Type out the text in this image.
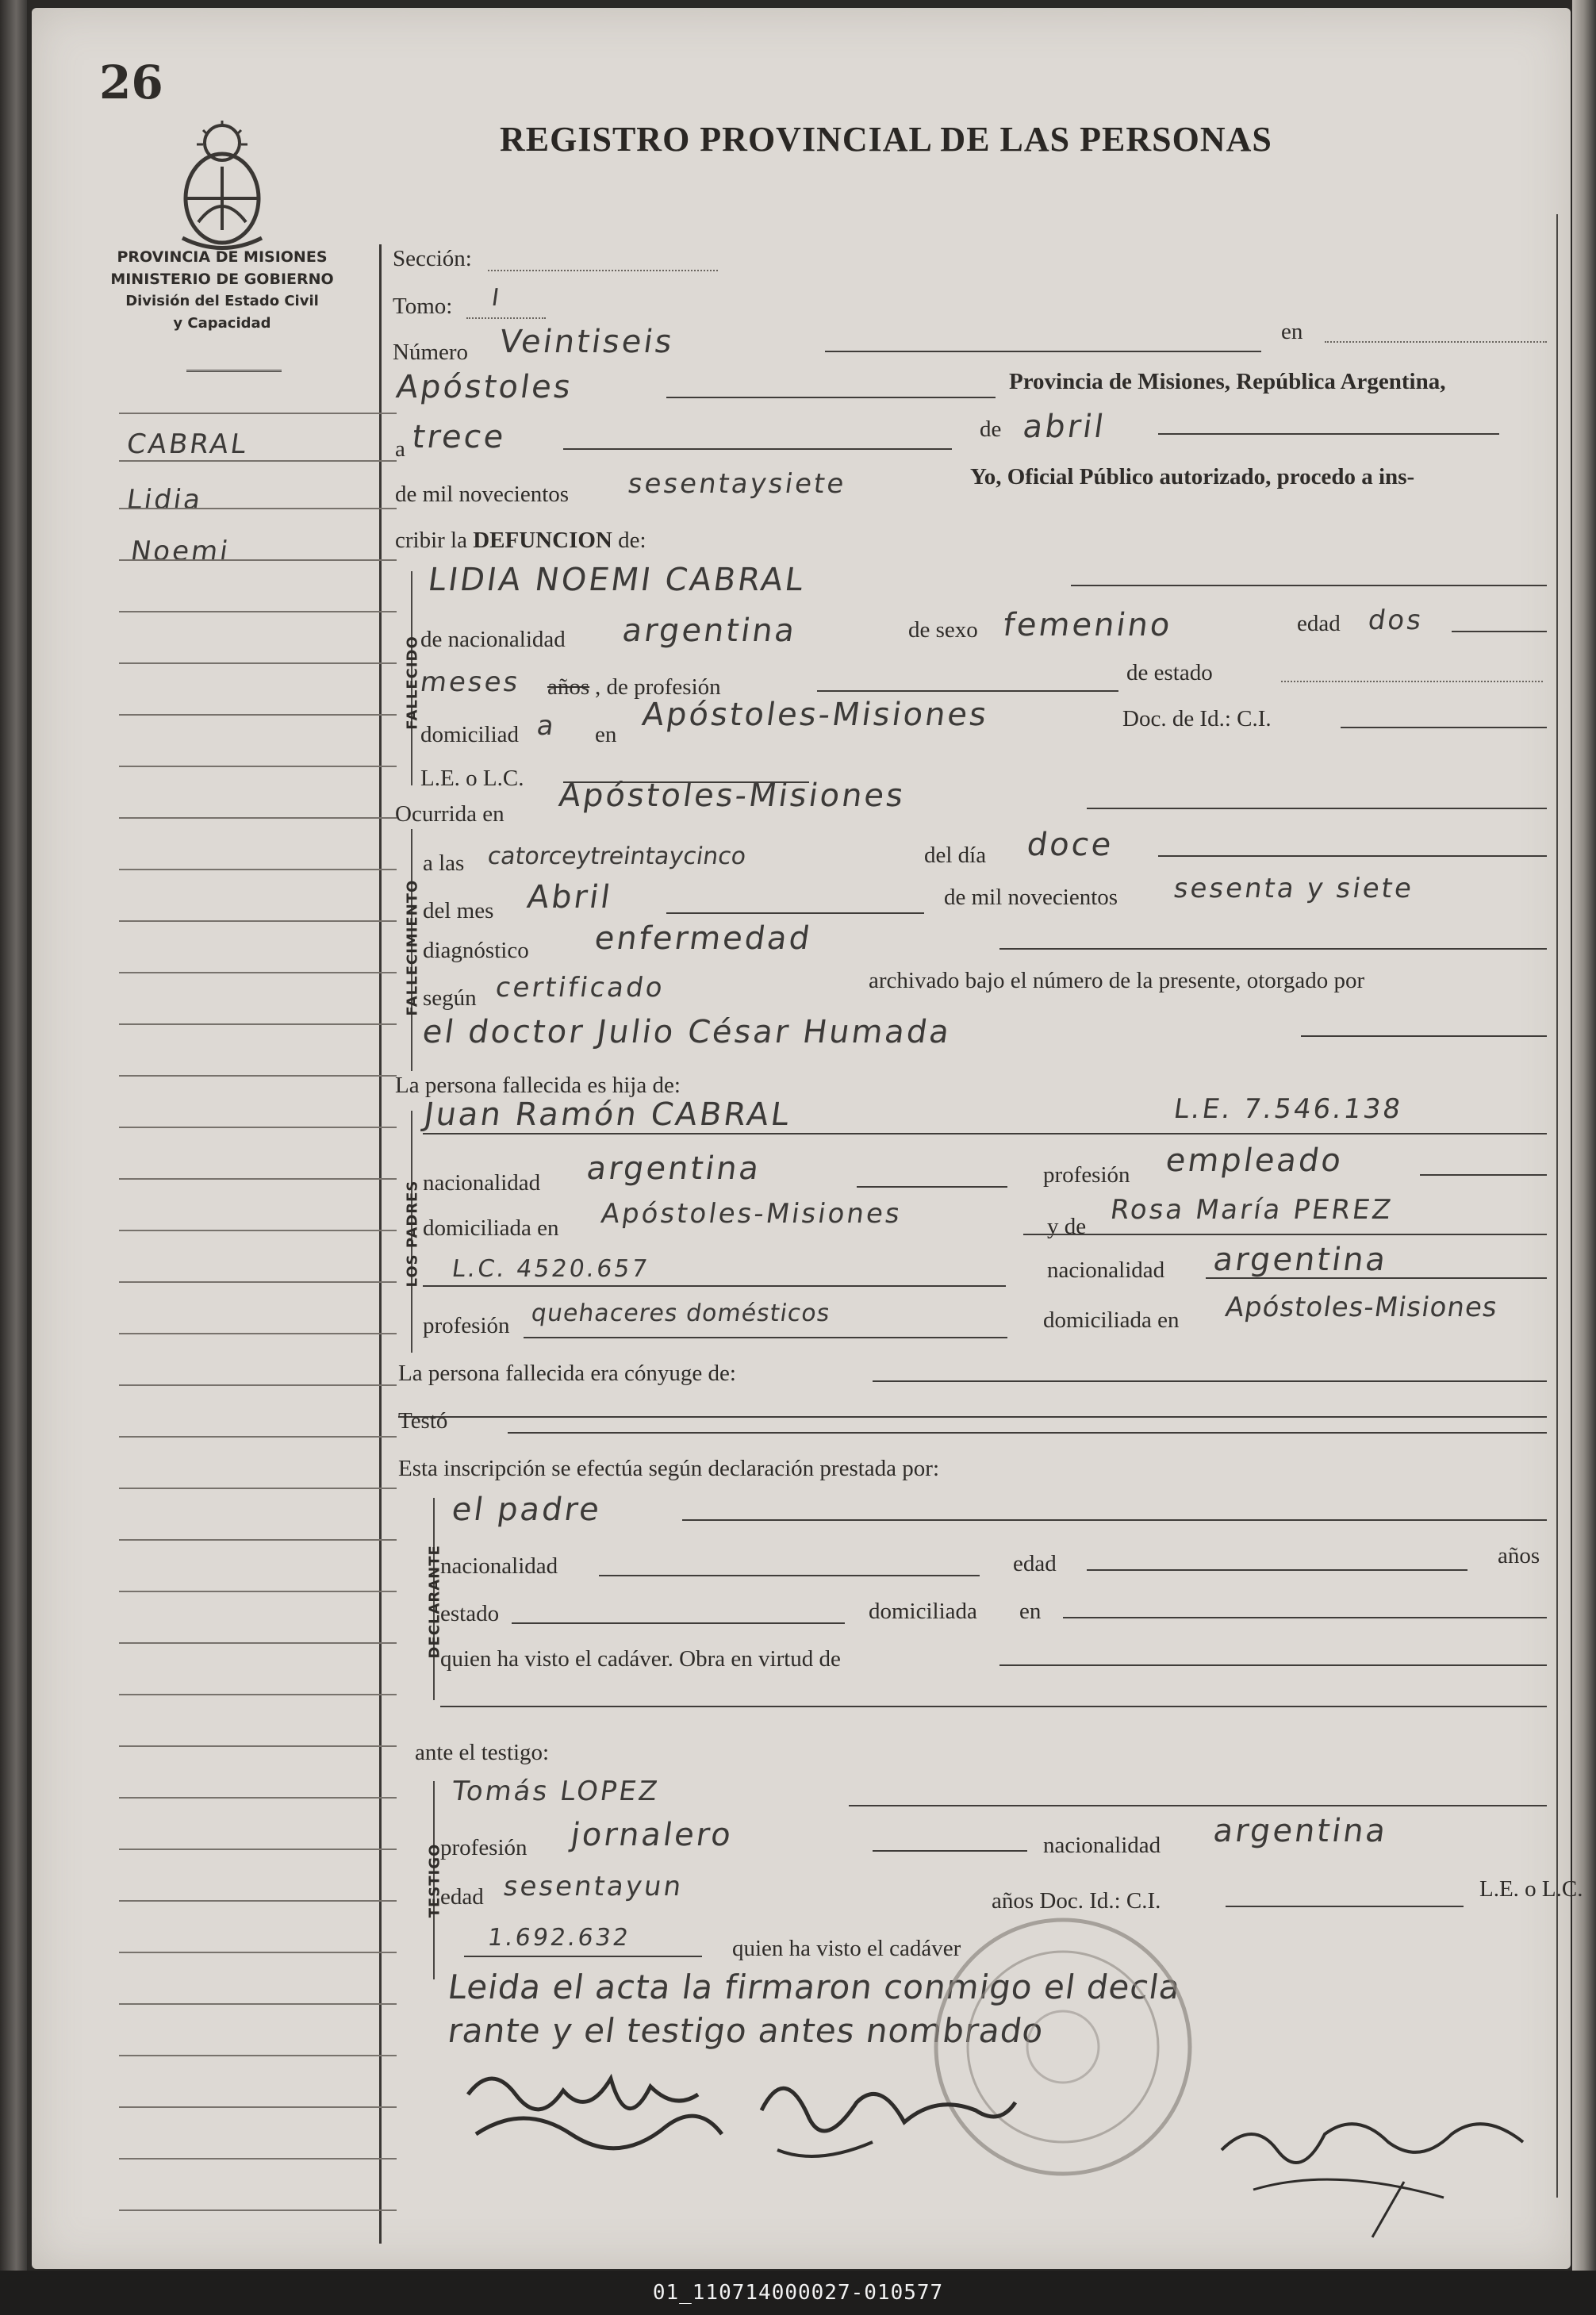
26
PROVINCIA DE MISIONES
MINISTERIO DE GOBIERNO
División del Estado Civil
y Capacidad
REGISTRO PROVINCIAL DE LAS PERSONAS
CABRAL
Lidia
Noemi
Sección:
Tomo: I
Número Veintiseis	en
Apóstoles	Provincia de Misiones, República Argentina,
a trece	de abril
de mil novecientos sesentaysiete	Yo, Oficial Público autorizado, procedo a ins-
cribir la DEFUNCION de:
FALLECIDO
LIDIA NOEMI CABRAL
de nacionalidad argentina	de sexo femenino	edad dos
meses años , de profesión
de estado
domiciliad a en
Apóstoles-Misiones	Doc. de Id.: C.I.
L.E. o L.C.
Ocurrida en Apóstoles-Misiones
FALLECIMIENTO
a las catorceytreintaycinco	del día doce
del mes Abril	de mil novecientos sesenta y siete
diagnóstico enfermedad
según certificado	archivado bajo el número de la presente, otorgado por
el doctor Julio César Humada
La persona fallecida es hija de:
LOS PADRES
Juan Ramón CABRAL	L.E. 7.546.138
nacionalidad argentina	profesión empleado
domiciliada en Apóstoles-Misiones	y de
Rosa María PEREZ
L.C. 4520.657	nacionalidad argentina
profesión quehaceres domésticos	domiciliada en Apóstoles-Misiones
La persona fallecida era cónyuge de:
Testó
Esta inscripción se efectúa según declaración prestada por:
DECLARANTE
el padre
nacionalidad	edad	años
estado	domiciliada en
quien ha visto el cadáver. Obra en virtud de
ante el testigo:
TESTIGO
Tomás LOPEZ
profesión jornalero	nacionalidad argentina
edad sesentayun	años Doc. Id.: C.I.	L.E. o L.C.
1.692.632	quien ha visto el cadáver
Leida el acta la firmaron conmigo el decla
rante y el testigo antes nombrado
01_110714000027-010577
